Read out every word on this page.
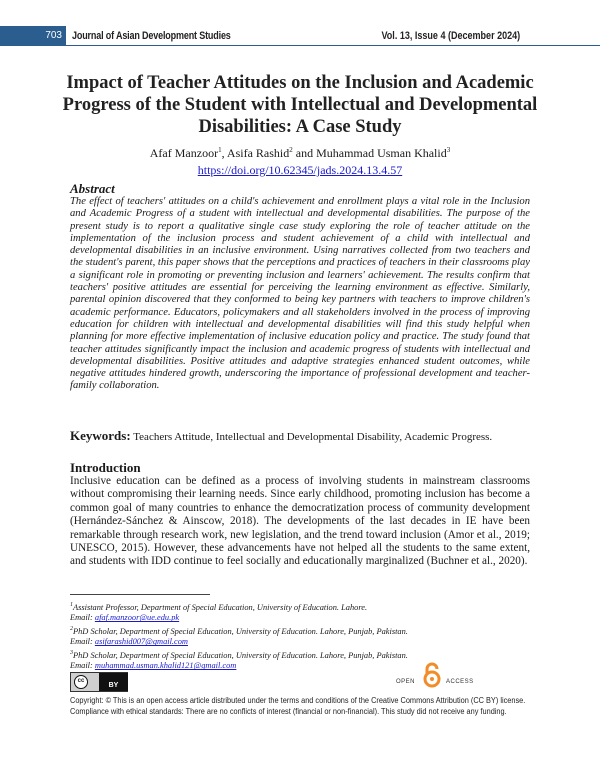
703 Journal of Asian Development Studies	Vol. 13, Issue 4 (December 2024)
Impact of Teacher Attitudes on the Inclusion and Academic Progress of the Student with Intellectual and Developmental Disabilities: A Case Study
Afaf Manzoor$^1$, Asifa Rashid$^2$ and Muhammad Usman Khalid$^3$
https://doi.org/10.62345/jads.2024.13.4.57
Abstract
The effect of teachers' attitudes on a child's achievement and enrollment plays a vital role in the Inclusion and Academic Progress of a student with intellectual and developmental disabilities. The purpose of the present study is to report a qualitative single case study exploring the role of teacher attitude on the implementation of the inclusion process and student achievement of a child with intellectual and developmental disabilities in an inclusive environment. Using narratives collected from two teachers and the student's parent, this paper shows that the perceptions and practices of teachers in their classrooms play a significant role in promoting or preventing inclusion and learners' achievement. The results confirm that teachers' positive attitudes are essential for perceiving the learning environment as effective. Similarly, parental opinion discovered that they conformed to being key partners with teachers to improve children's academic performance. Educators, policymakers and all stakeholders involved in the process of improving education for children with intellectual and developmental disabilities will find this study helpful when planning for more effective implementation of inclusive education policy and practice. The study found that teacher attitudes significantly impact the inclusion and academic progress of students with intellectual and developmental disabilities. Positive attitudes and adaptive strategies enhanced student outcomes, while negative attitudes hindered growth, underscoring the importance of professional development and teacher-family collaboration.
Keywords: Teachers Attitude, Intellectual and Developmental Disability, Academic Progress.
Introduction
Inclusive education can be defined as a process of involving students in mainstream classrooms without compromising their learning needs. Since early childhood, promoting inclusion has become a common goal of many countries to enhance the democratization process of community development (Hernández-Sánchez & Ainscow, 2018). The developments of the last decades in IE have been remarkable through research work, new legislation, and the trend toward inclusion (Amor et al., 2019; UNESCO, 2015). However, these advancements have not helped all the students to the same extent, and students with IDD continue to feel socially and educationally marginalized (Buchner et al., 2020).
$^1$Assistant Professor, Department of Special Education, University of Education. Lahore.
Email: afaf.manzoor@ue.edu.pk
$^2$PhD Scholar, Department of Special Education, University of Education. Lahore, Punjab, Pakistan.
Email: asifarashid007@gmail.com
$^3$PhD Scholar, Department of Special Education, University of Education. Lahore, Punjab, Pakistan.
Email: muhammad.usman.khalid121@gmail.com
cc
BY	OPEN	ACCESS
Copyright: © This is an open access article distributed under the terms and conditions of the Creative Commons Attribution (CC BY) license.
Compliance with ethical standards: There are no conflicts of interest (financial or non-financial). This study did not receive any funding.
